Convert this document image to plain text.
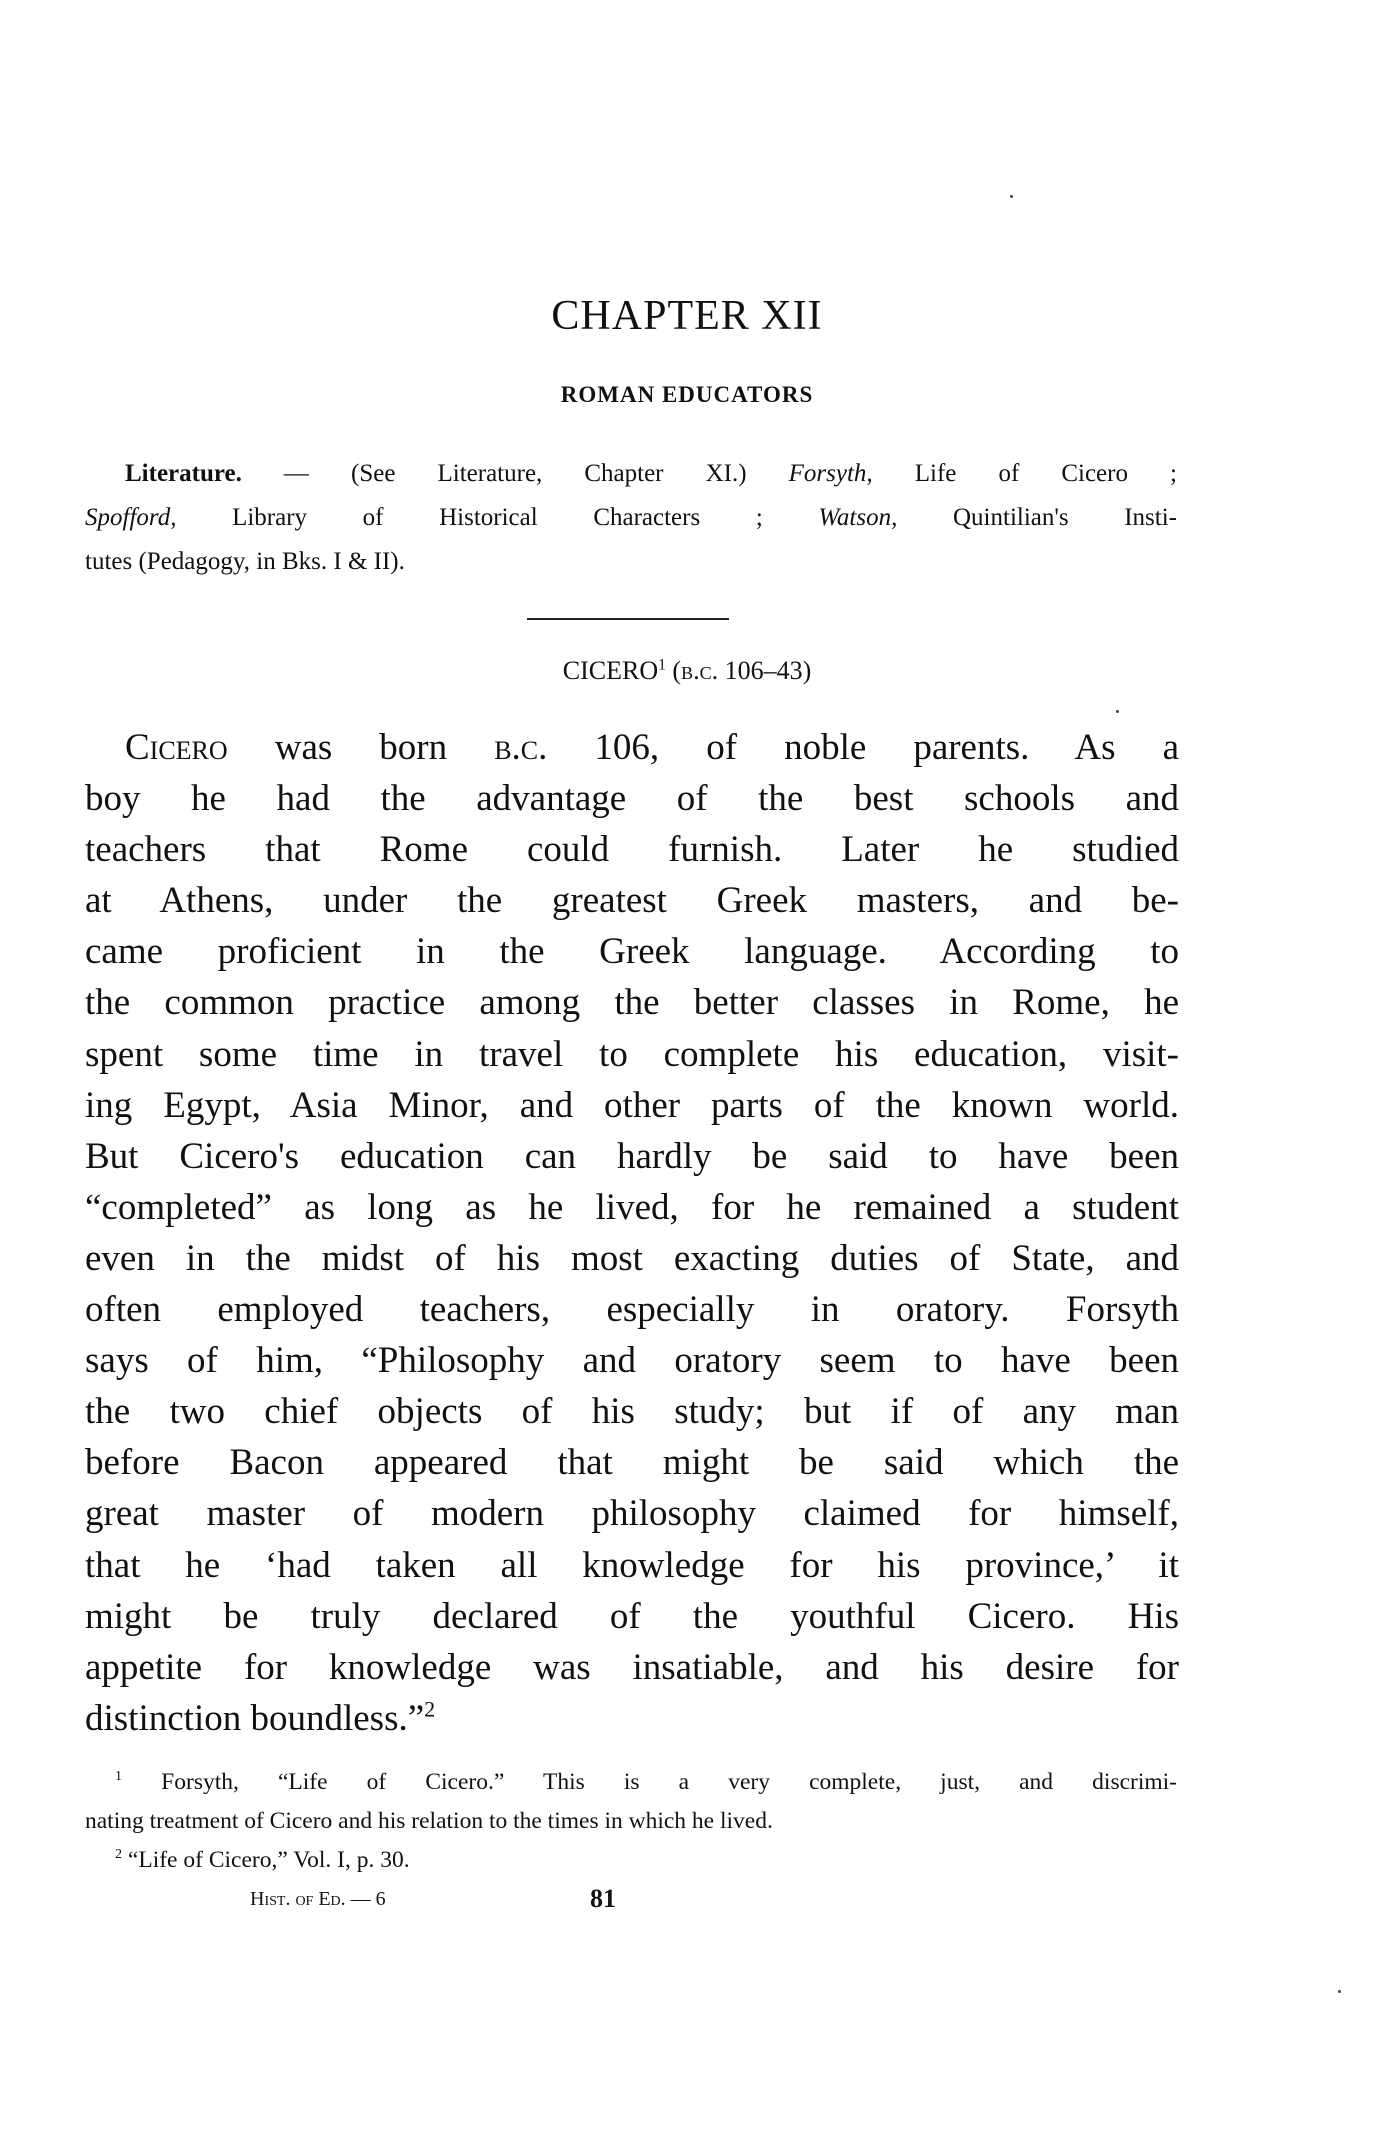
CHAPTER XII
ROMAN EDUCATORS
Literature. — (See Literature, Chapter XI.) Forsyth, Life of Cicero ;
Spofford, Library of Historical Characters ; Watson, Quintilian's Insti-
tutes (Pedagogy, in Bks. I & II).
CICERO$^1$ (b.c. 106–43)
Cicero was born b.c. 106, of noble parents. As a
boy he had the advantage of the best schools and
teachers that Rome could furnish. Later he studied
at Athens, under the greatest Greek masters, and be-
came proficient in the Greek language. According to
the common practice among the better classes in Rome, he
spent some time in travel to complete his education, visit-
ing Egypt, Asia Minor, and other parts of the known world.
But Cicero's education can hardly be said to have been
“completed” as long as he lived, for he remained a student
even in the midst of his most exacting duties of State, and
often employed teachers, especially in oratory. Forsyth
says of him, “Philosophy and oratory seem to have been
the two chief objects of his study; but if of any man
before Bacon appeared that might be said which the
great master of modern philosophy claimed for himself,
that he ‘had taken all knowledge for his province,’ it
might be truly declared of the youthful Cicero. His
appetite for knowledge was insatiable, and his desire for
distinction boundless.”$^2$
$^1$ Forsyth, “Life of Cicero.” This is a very complete, just, and discrimi-
nating treatment of Cicero and his relation to the times in which he lived.
$^2$ “Life of Cicero,” Vol. I, p. 30.
Hist. of Ed. — 6	81
